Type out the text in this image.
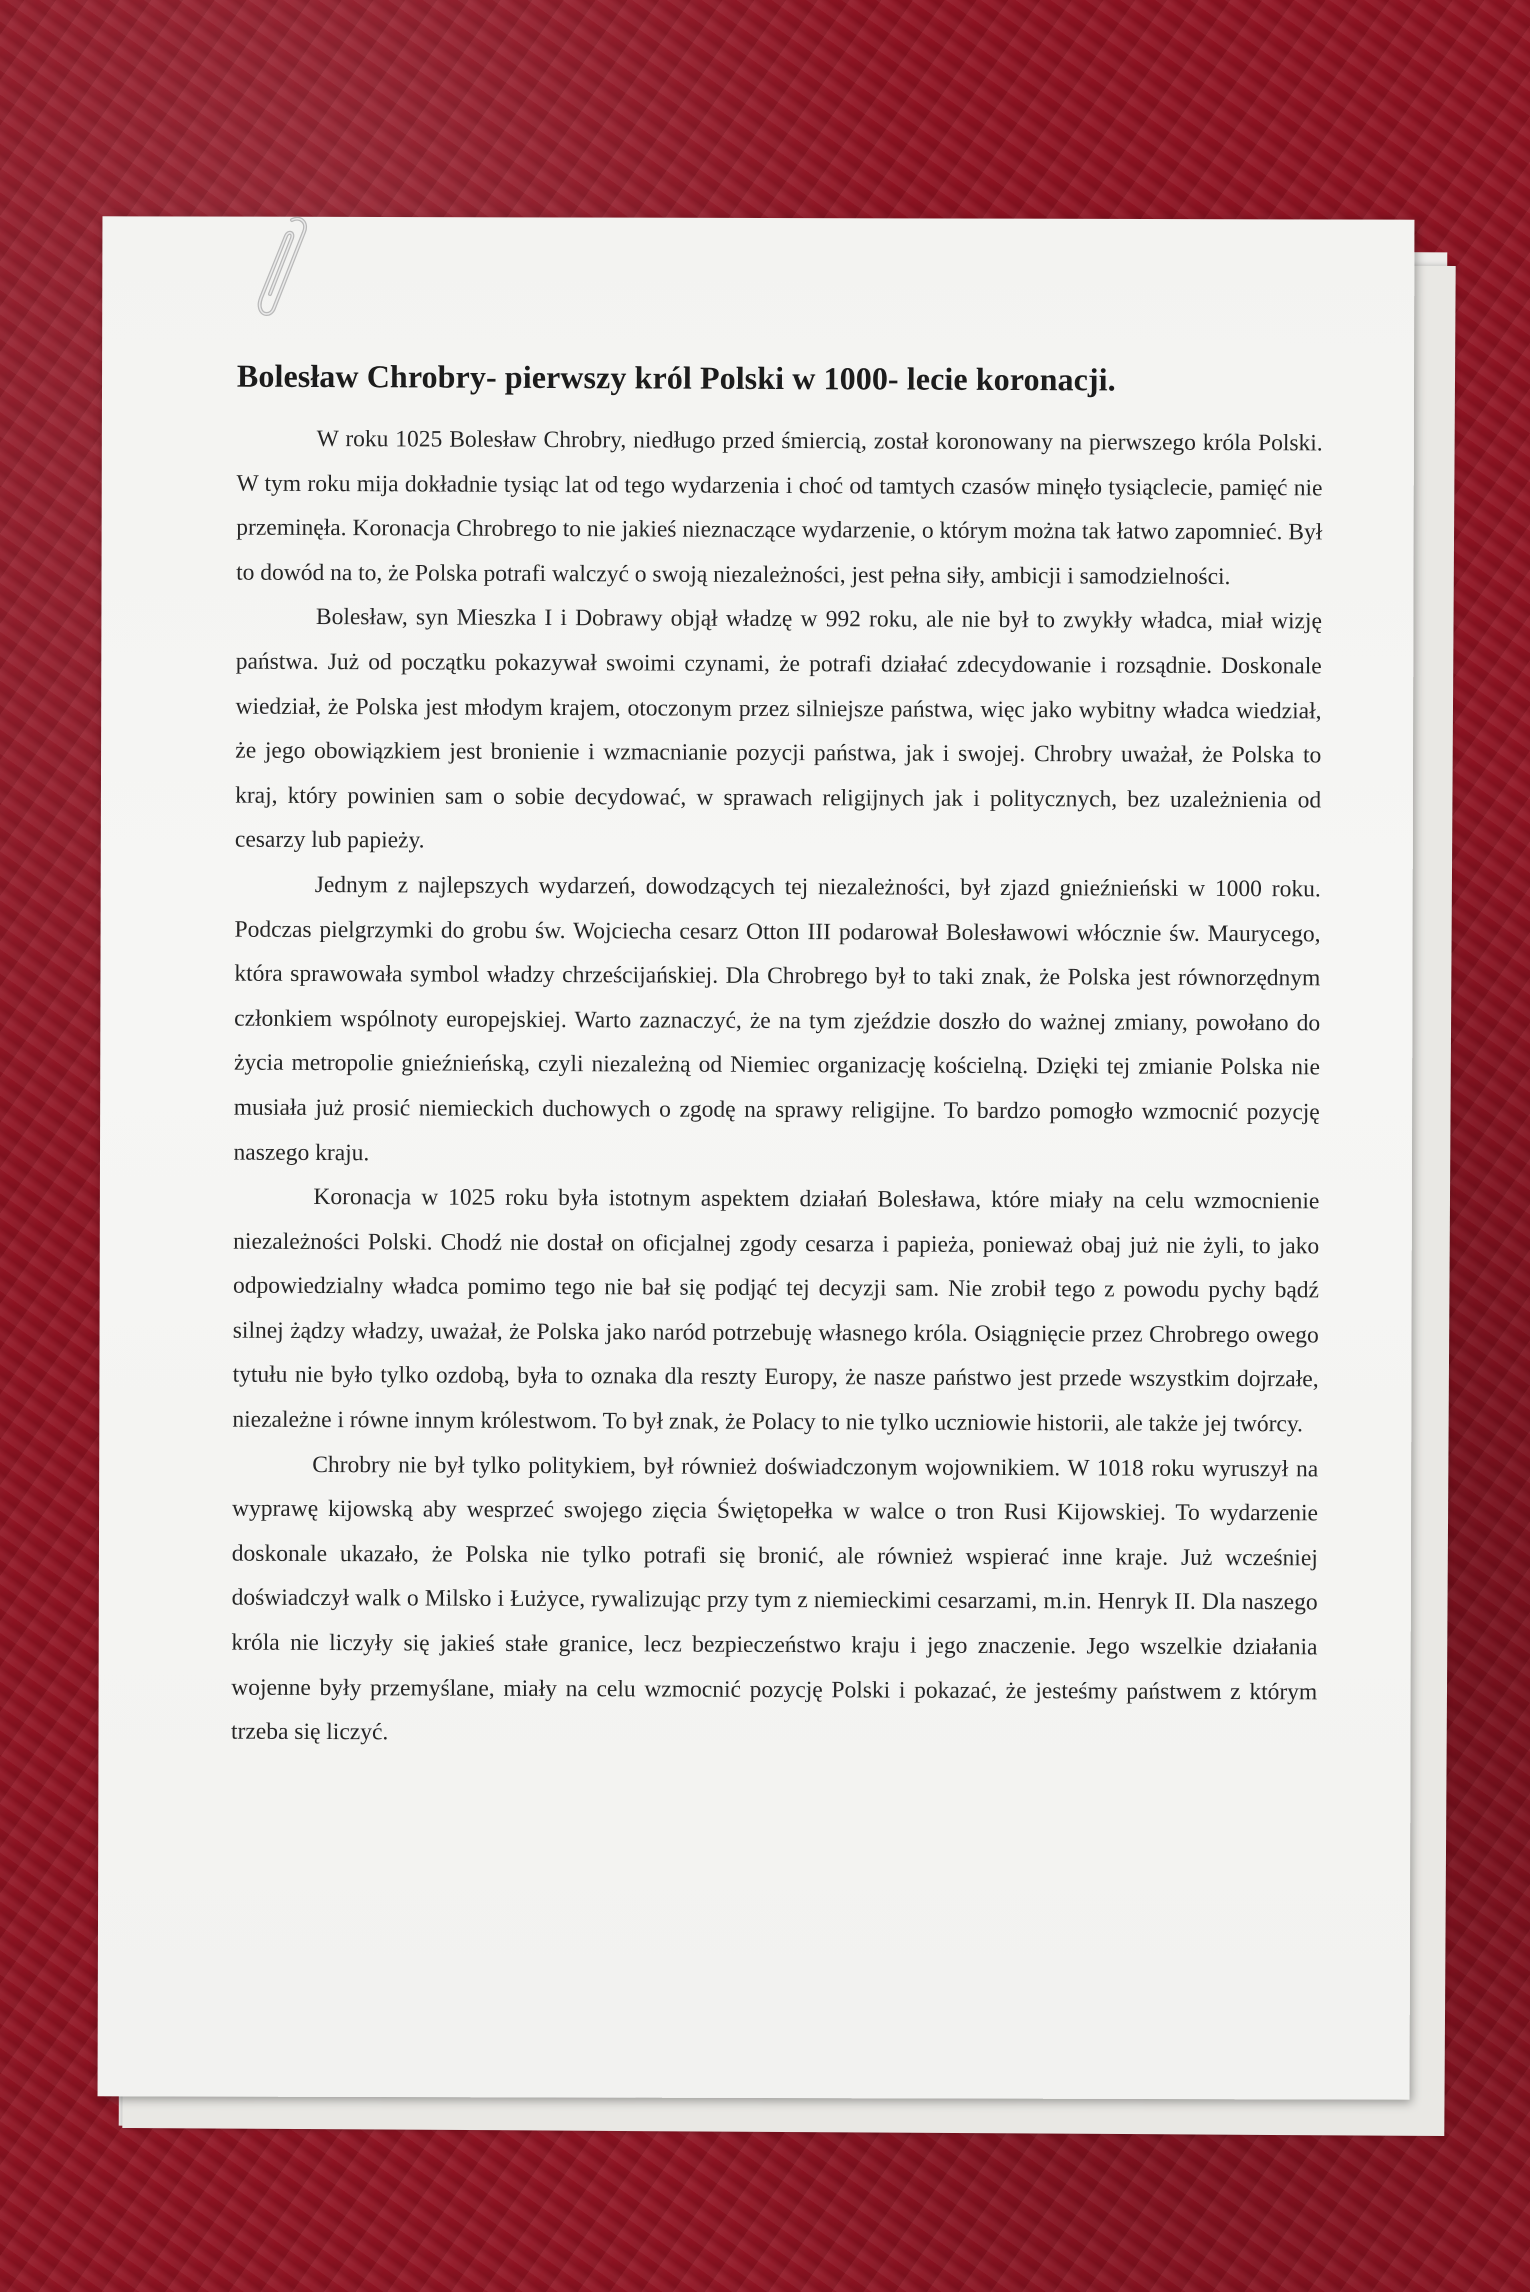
Bolesław Chrobry- pierwszy król Polski w 1000- lecie koronacji.

W roku 1025 Bolesław Chrobry, niedługo przed śmiercią, został koronowany na pierwszego króla Polski. W tym roku mija dokładnie tysiąc lat od tego wydarzenia i choć od tamtych czasów minęło tysiąclecie, pamięć nie przeminęła. Koronacja Chrobrego to nie jakieś nieznaczące wydarzenie, o którym można tak łatwo zapomnieć. Był to dowód na to, że Polska potrafi walczyć o swoją niezależności, jest pełna siły, ambicji i samodzielności.

Bolesław, syn Mieszka I i Dobrawy objął władzę w 992 roku, ale nie był to zwykły władca, miał wizję państwa. Już od początku pokazywał swoimi czynami, że potrafi działać zdecydowanie i rozsądnie. Doskonale wiedział, że Polska jest młodym krajem, otoczonym przez silniejsze państwa, więc jako wybitny władca wiedział, że jego obowiązkiem jest bronienie i wzmacnianie pozycji państwa, jak i swojej. Chrobry uważał, że Polska to kraj, który powinien sam o sobie decydować, w sprawach religijnych jak i politycznych, bez uzależnienia od cesarzy lub papieży.

Jednym z najlepszych wydarzeń, dowodzących tej niezależności, był zjazd gnieźnieński w 1000 roku. Podczas pielgrzymki do grobu św. Wojciecha cesarz Otton III podarował Bolesławowi włócznie św. Maurycego, która sprawowała symbol władzy chrześcijańskiej. Dla Chrobrego był to taki znak, że Polska jest równorzędnym członkiem wspólnoty europejskiej. Warto zaznaczyć, że na tym zjeździe doszło do ważnej zmiany, powołano do życia metropolie gnieźnieńską, czyli niezależną od Niemiec organizację kościelną. Dzięki tej zmianie Polska nie musiała już prosić niemieckich duchowych o zgodę na sprawy religijne. To bardzo pomogło wzmocnić pozycję naszego kraju.

Koronacja w 1025 roku była istotnym aspektem działań Bolesława, które miały na celu wzmocnienie niezależności Polski. Chodź nie dostał on oficjalnej zgody cesarza i papieża, ponieważ obaj już nie żyli, to jako odpowiedzialny władca pomimo tego nie bał się podjąć tej decyzji sam. Nie zrobił tego z powodu pychy bądź silnej żądzy władzy, uważał, że Polska jako naród potrzebuję własnego króla. Osiągnięcie przez Chrobrego owego tytułu nie było tylko ozdobą, była to oznaka dla reszty Europy, że nasze państwo jest przede wszystkim dojrzałe, niezależne i równe innym królestwom. To był znak, że Polacy to nie tylko uczniowie historii, ale także jej twórcy.

Chrobry nie był tylko politykiem, był również doświadczonym wojownikiem. W 1018 roku wyruszył na wyprawę kijowską aby wesprzeć swojego zięcia Świętopełka w walce o tron Rusi Kijowskiej. To wydarzenie doskonale ukazało, że Polska nie tylko potrafi się bronić, ale również wspierać inne kraje. Już wcześniej doświadczył walk o Milsko i Łużyce, rywalizując przy tym z niemieckimi cesarzami, m.in. Henryk II. Dla naszego króla nie liczyły się jakieś stałe granice, lecz bezpieczeństwo kraju i jego znaczenie. Jego wszelkie działania wojenne były przemyślane, miały na celu wzmocnić pozycję Polski i pokazać, że jesteśmy państwem z którym trzeba się liczyć.
